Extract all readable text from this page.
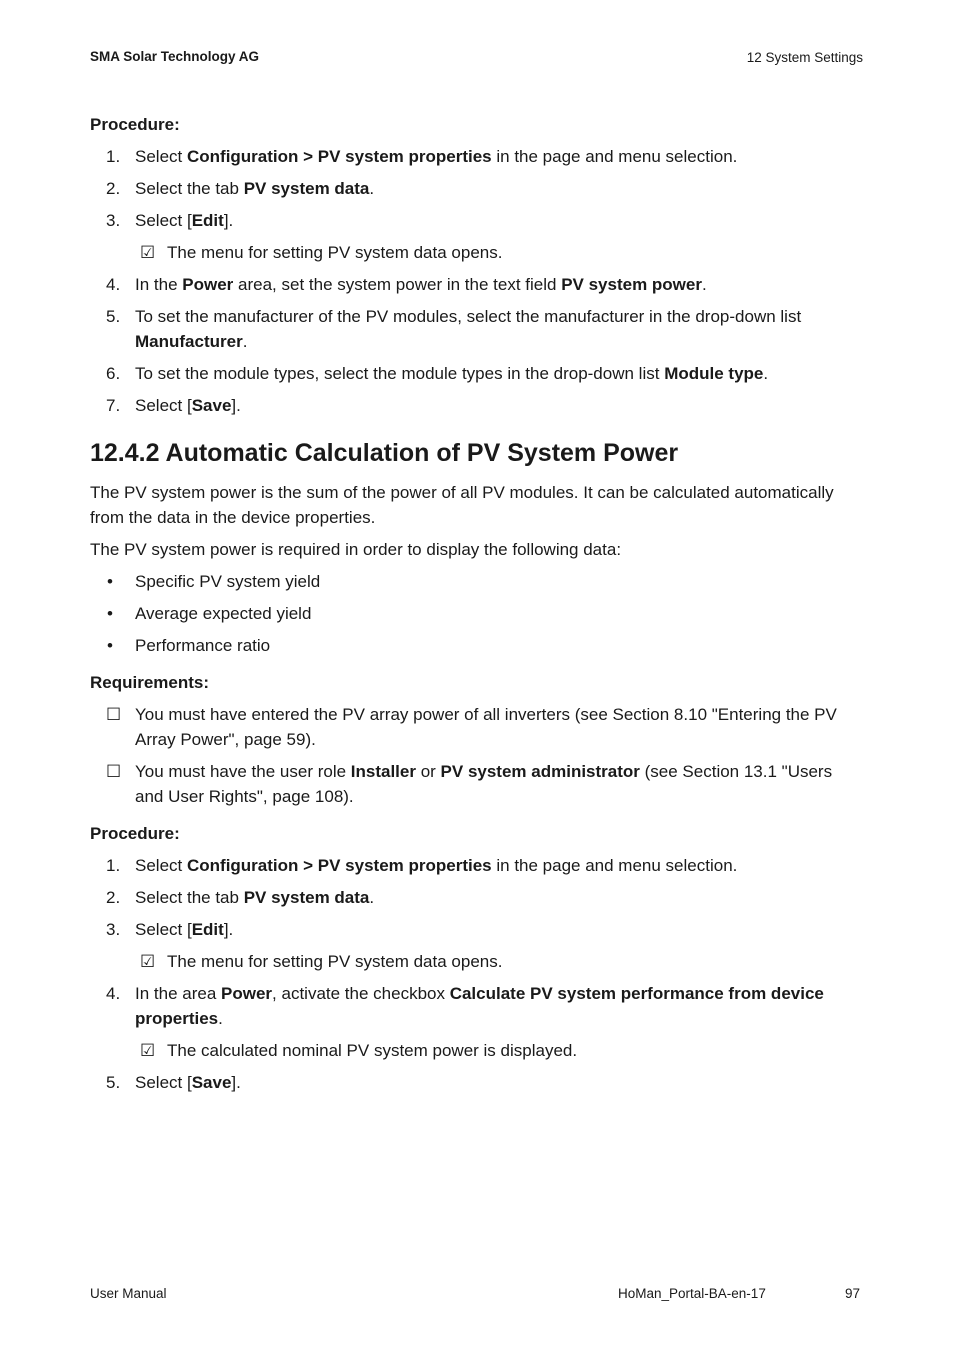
SMA Solar Technology AG	12 System Settings
Procedure:
1. Select Configuration > PV system properties in the page and menu selection.
2. Select the tab PV system data.
3. Select [Edit].
☑ The menu for setting PV system data opens.
4. In the Power area, set the system power in the text field PV system power.
5. To set the manufacturer of the PV modules, select the manufacturer in the drop-down list Manufacturer.
6. To set the module types, select the module types in the drop-down list Module type.
7. Select [Save].
12.4.2 Automatic Calculation of PV System Power
The PV system power is the sum of the power of all PV modules. It can be calculated automatically from the data in the device properties.
The PV system power is required in order to display the following data:
• Specific PV system yield
• Average expected yield
• Performance ratio
Requirements:
☐ You must have entered the PV array power of all inverters (see Section 8.10 "Entering the PV Array Power", page 59).
☐ You must have the user role Installer or PV system administrator (see Section 13.1 "Users and User Rights", page 108).
Procedure:
1. Select Configuration > PV system properties in the page and menu selection.
2. Select the tab PV system data.
3. Select [Edit].
☑ The menu for setting PV system data opens.
4. In the area Power, activate the checkbox Calculate PV system performance from device properties.
☑ The calculated nominal PV system power is displayed.
5. Select [Save].
User Manual	HoMan_Portal-BA-en-17	97
